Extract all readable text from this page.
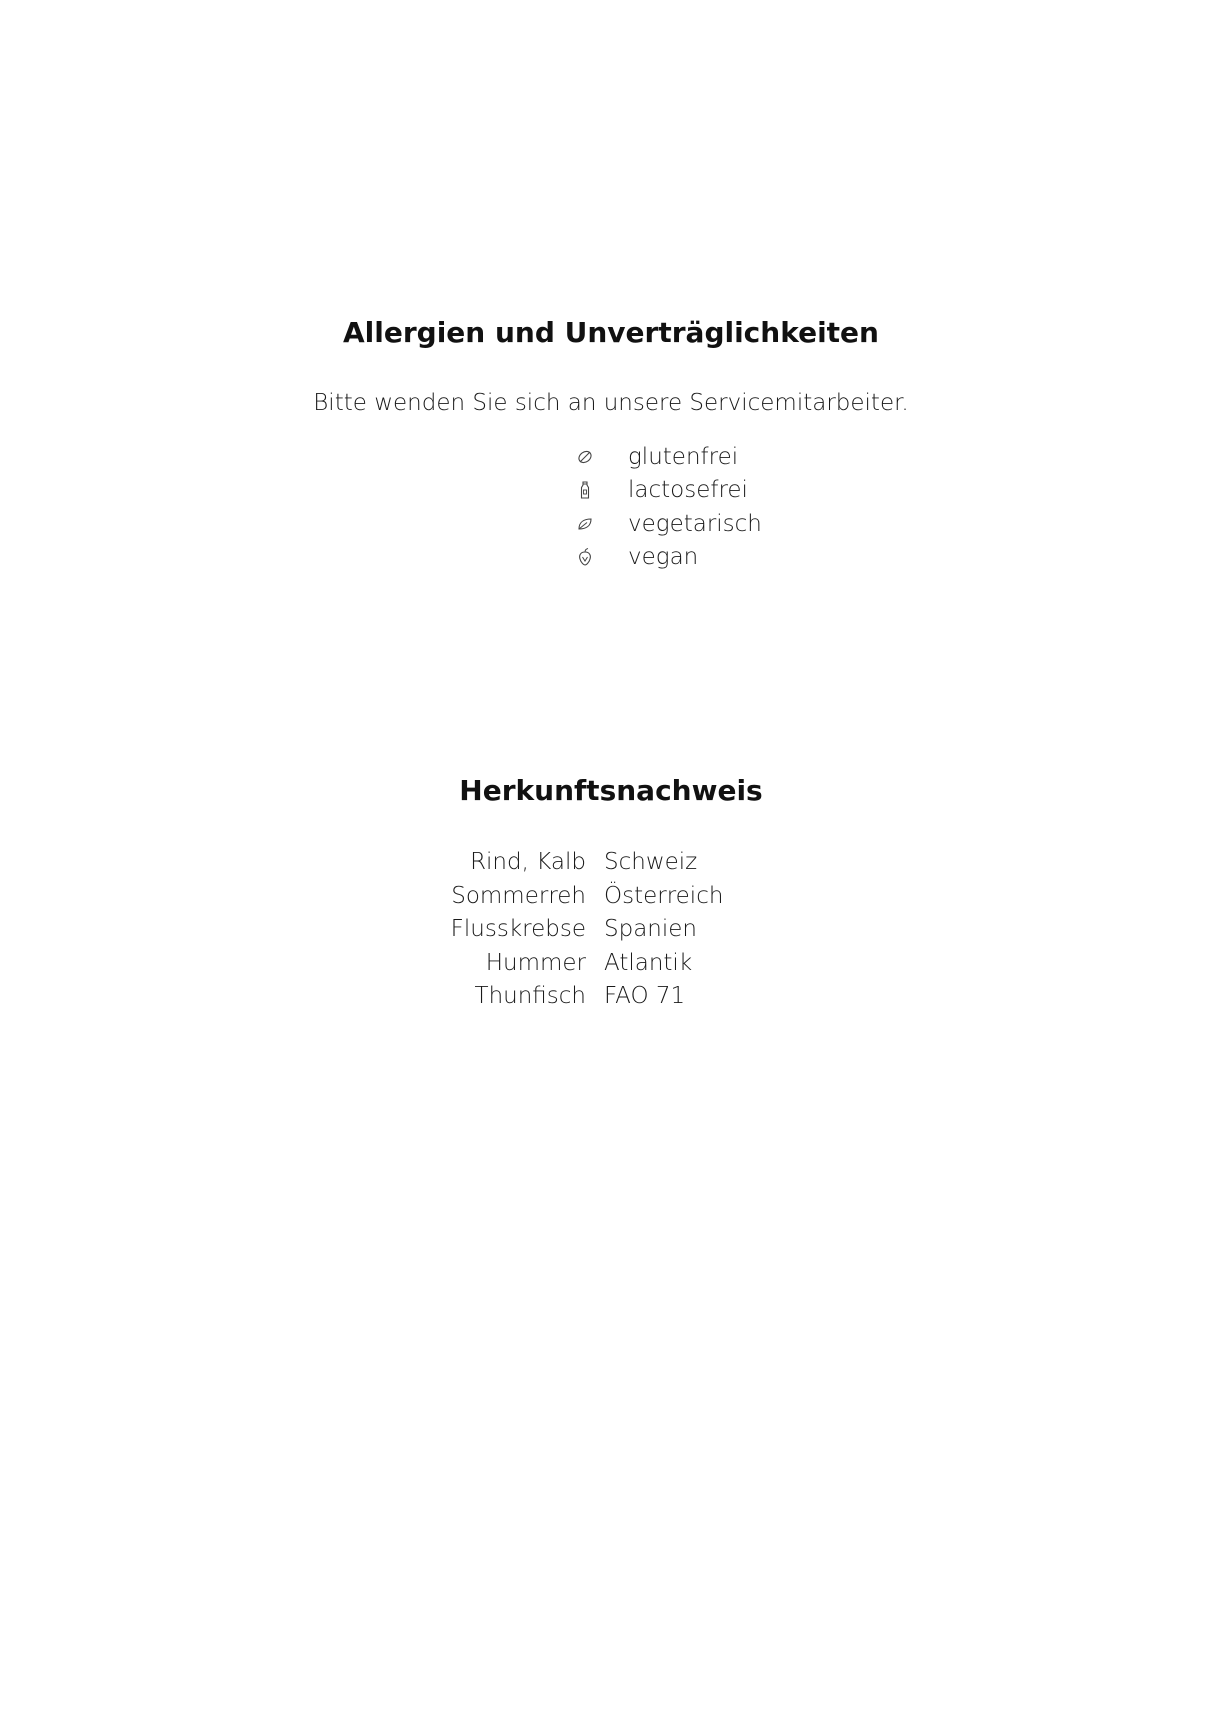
Allergien und Unverträglichkeiten

Bitte wenden Sie sich an unsere Servicemitarbeiter.

glutenfrei
lactosefrei
vegetarisch
vegan
Herkunftsnachweis
Rind, Kalb	Schweiz
Sommerreh	Österreich
Flusskrebse	Spanien
Hummer	Atlantik
Thunfisch	FAO 71
